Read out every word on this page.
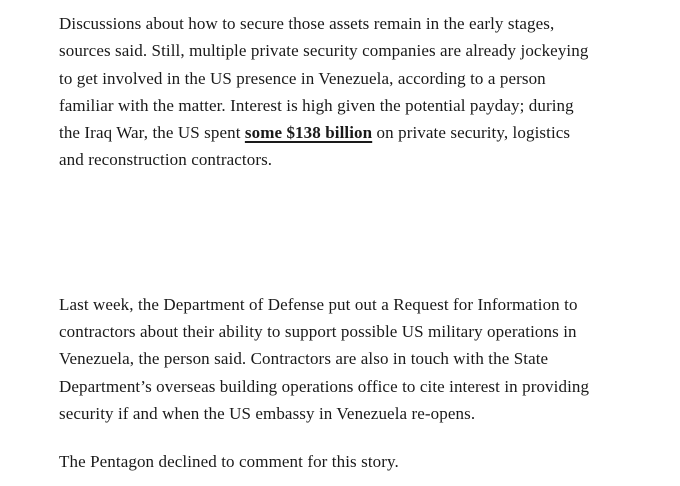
Discussions about how to secure those assets remain in the early stages,
sources said. Still, multiple private security companies are already jockeying
to get involved in the US presence in Venezuela, according to a person
familiar with the matter. Interest is high given the potential payday; during
the Iraq War, the US spent some $138 billion on private security, logistics
and reconstruction contractors.

Last week, the Department of Defense put out a Request for Information to
contractors about their ability to support possible US military operations in
Venezuela, the person said. Contractors are also in touch with the State
Department’s overseas building operations office to cite interest in providing
security if and when the US embassy in Venezuela re-opens.

The Pentagon declined to comment for this story.
